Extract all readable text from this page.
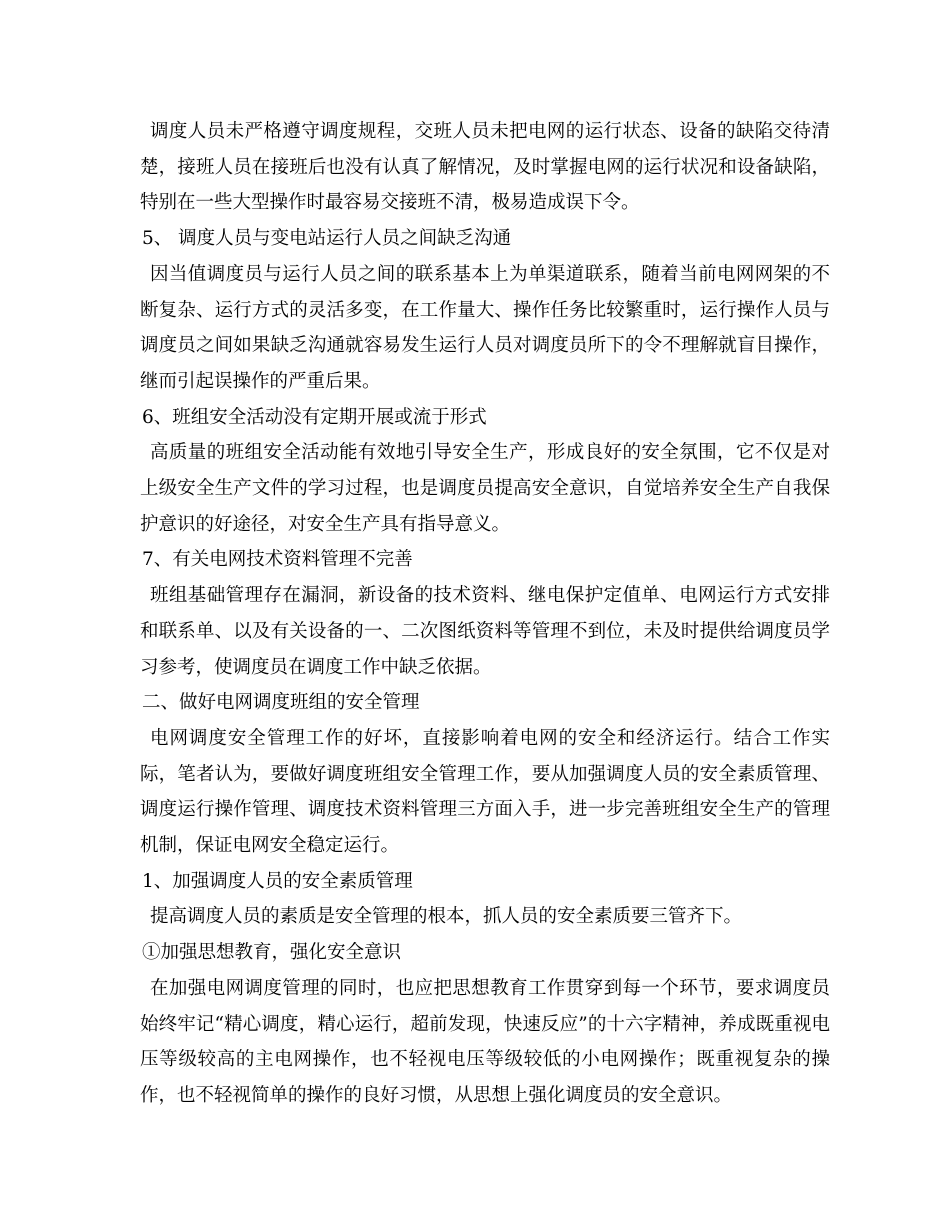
调度人员未严格遵守调度规程，交班人员未把电网的运行状态、设备的缺陷交待清楚，接班人员在接班后也没有认真了解情况，及时掌握电网的运行状况和设备缺陷，特别在一些大型操作时最容易交接班不清，极易造成误下令。

5、 调度人员与变电站运行人员之间缺乏沟通

因当值调度员与运行人员之间的联系基本上为单渠道联系，随着当前电网网架的不断复杂、运行方式的灵活多变，在工作量大、操作任务比较繁重时，运行操作人员与调度员之间如果缺乏沟通就容易发生运行人员对调度员所下的令不理解就盲目操作，继而引起误操作的严重后果。

6、班组安全活动没有定期开展或流于形式

高质量的班组安全活动能有效地引导安全生产，形成良好的安全氛围，它不仅是对上级安全生产文件的学习过程，也是调度员提高安全意识，自觉培养安全生产自我保护意识的好途径，对安全生产具有指导意义。

7、有关电网技术资料管理不完善

班组基础管理存在漏洞，新设备的技术资料、继电保护定值单、电网运行方式安排和联系单、以及有关设备的一、二次图纸资料等管理不到位，未及时提供给调度员学习参考，使调度员在调度工作中缺乏依据。

二、做好电网调度班组的安全管理

电网调度安全管理工作的好坏，直接影响着电网的安全和经济运行。结合工作实际，笔者认为，要做好调度班组安全管理工作，要从加强调度人员的安全素质管理、调度运行操作管理、调度技术资料管理三方面入手，进一步完善班组安全生产的管理机制，保证电网安全稳定运行。

1、加强调度人员的安全素质管理

提高调度人员的素质是安全管理的根本，抓人员的安全素质要三管齐下。

①加强思想教育，强化安全意识

在加强电网调度管理的同时，也应把思想教育工作贯穿到每一个环节，要求调度员始终牢记“精心调度，精心运行，超前发现，快速反应”的十六字精神，养成既重视电压等级较高的主电网操作，也不轻视电压等级较低的小电网操作；既重视复杂的操作，也不轻视简单的操作的良好习惯，从思想上强化调度员的安全意识。
